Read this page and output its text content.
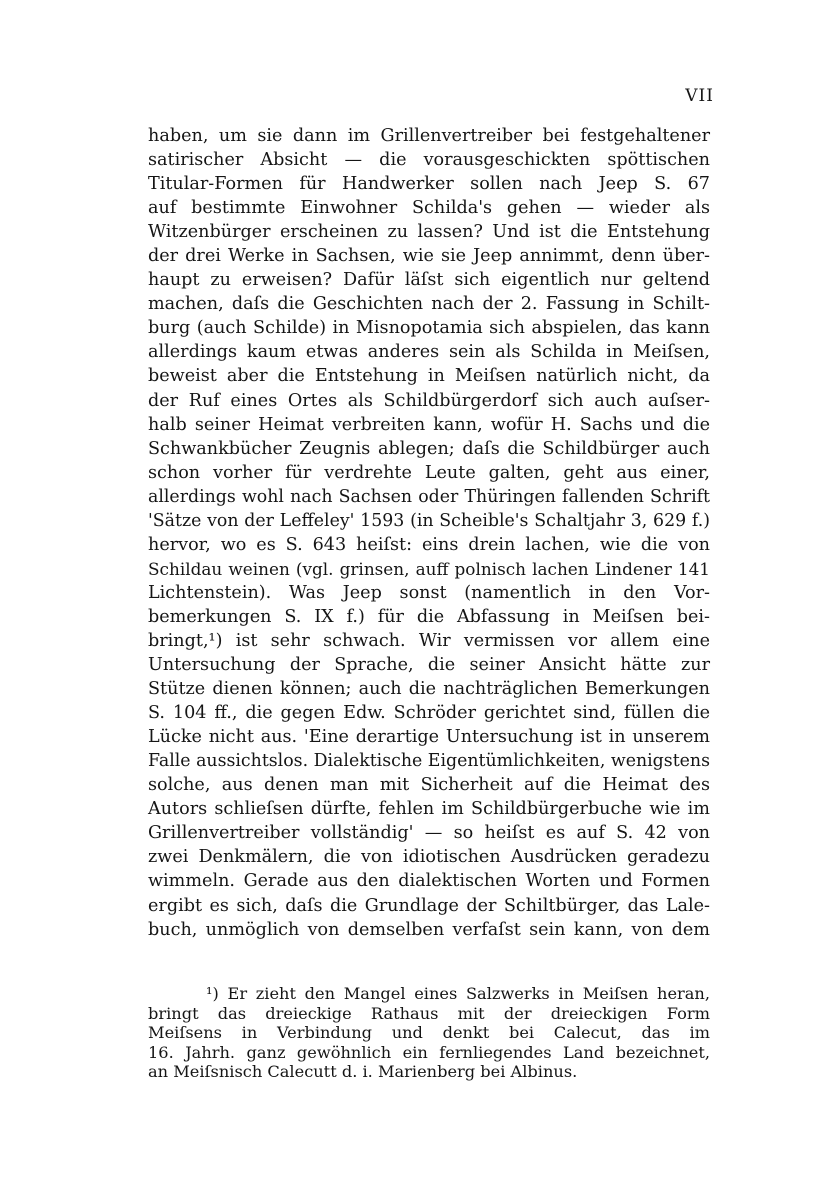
VII
haben, um sie dann im Grillenvertreiber bei festgehaltener
satirischer Absicht — die vorausgeschickten spöttischen
Titular-Formen für Handwerker sollen nach Jeep S. 67
auf bestimmte Einwohner Schilda's gehen — wieder als
Witzenbürger erscheinen zu lassen? Und ist die Entstehung
der drei Werke in Sachsen, wie sie Jeep annimmt, denn über-
haupt zu erweisen? Dafür läſst sich eigentlich nur geltend
machen, daſs die Geschichten nach der 2. Fassung in Schilt-
burg (auch Schilde) in Misnopotamia sich abspielen, das kann
allerdings kaum etwas anderes sein als Schilda in Meiſsen,
beweist aber die Entstehung in Meiſsen natürlich nicht, da
der Ruf eines Ortes als Schildbürgerdorf sich auch auſser-
halb seiner Heimat verbreiten kann, wofür H. Sachs und die
Schwankbücher Zeugnis ablegen; daſs die Schildbürger auch
schon vorher für verdrehte Leute galten, geht aus einer,
allerdings wohl nach Sachsen oder Thüringen fallenden Schrift
'Sätze von der Leffeley' 1593 (in Scheible's Schaltjahr 3, 629 f.)
hervor, wo es S. 643 heiſst: eins drein lachen, wie die von
Schildau weinen (vgl. grinsen, auff polnisch lachen Lindener 141
Lichtenstein). Was Jeep sonst (namentlich in den Vor-
bemerkungen S. IX f.) für die Abfassung in Meiſsen bei-
bringt,¹) ist sehr schwach. Wir vermissen vor allem eine
Untersuchung der Sprache, die seiner Ansicht hätte zur
Stütze dienen können; auch die nachträglichen Bemerkungen
S. 104 ff., die gegen Edw. Schröder gerichtet sind, füllen die
Lücke nicht aus. 'Eine derartige Untersuchung ist in unserem
Falle aussichtslos. Dialektische Eigentümlichkeiten, wenigstens
solche, aus denen man mit Sicherheit auf die Heimat des
Autors schlieſsen dürfte, fehlen im Schildbürgerbuche wie im
Grillenvertreiber vollständig' — so heiſst es auf S. 42 von
zwei Denkmälern, die von idiotischen Ausdrücken geradezu
wimmeln. Gerade aus den dialektischen Worten und Formen
ergibt es sich, daſs die Grundlage der Schiltbürger, das Lale-
buch, unmöglich von demselben verfaſst sein kann, von dem
¹) Er zieht den Mangel eines Salzwerks in Meiſsen heran,
bringt das dreieckige Rathaus mit der dreieckigen Form
Meiſsens in Verbindung und denkt bei Calecut, das im
16. Jahrh. ganz gewöhnlich ein fernliegendes Land bezeichnet,
an Meiſsnisch Calecutt d. i. Marienberg bei Albinus.
